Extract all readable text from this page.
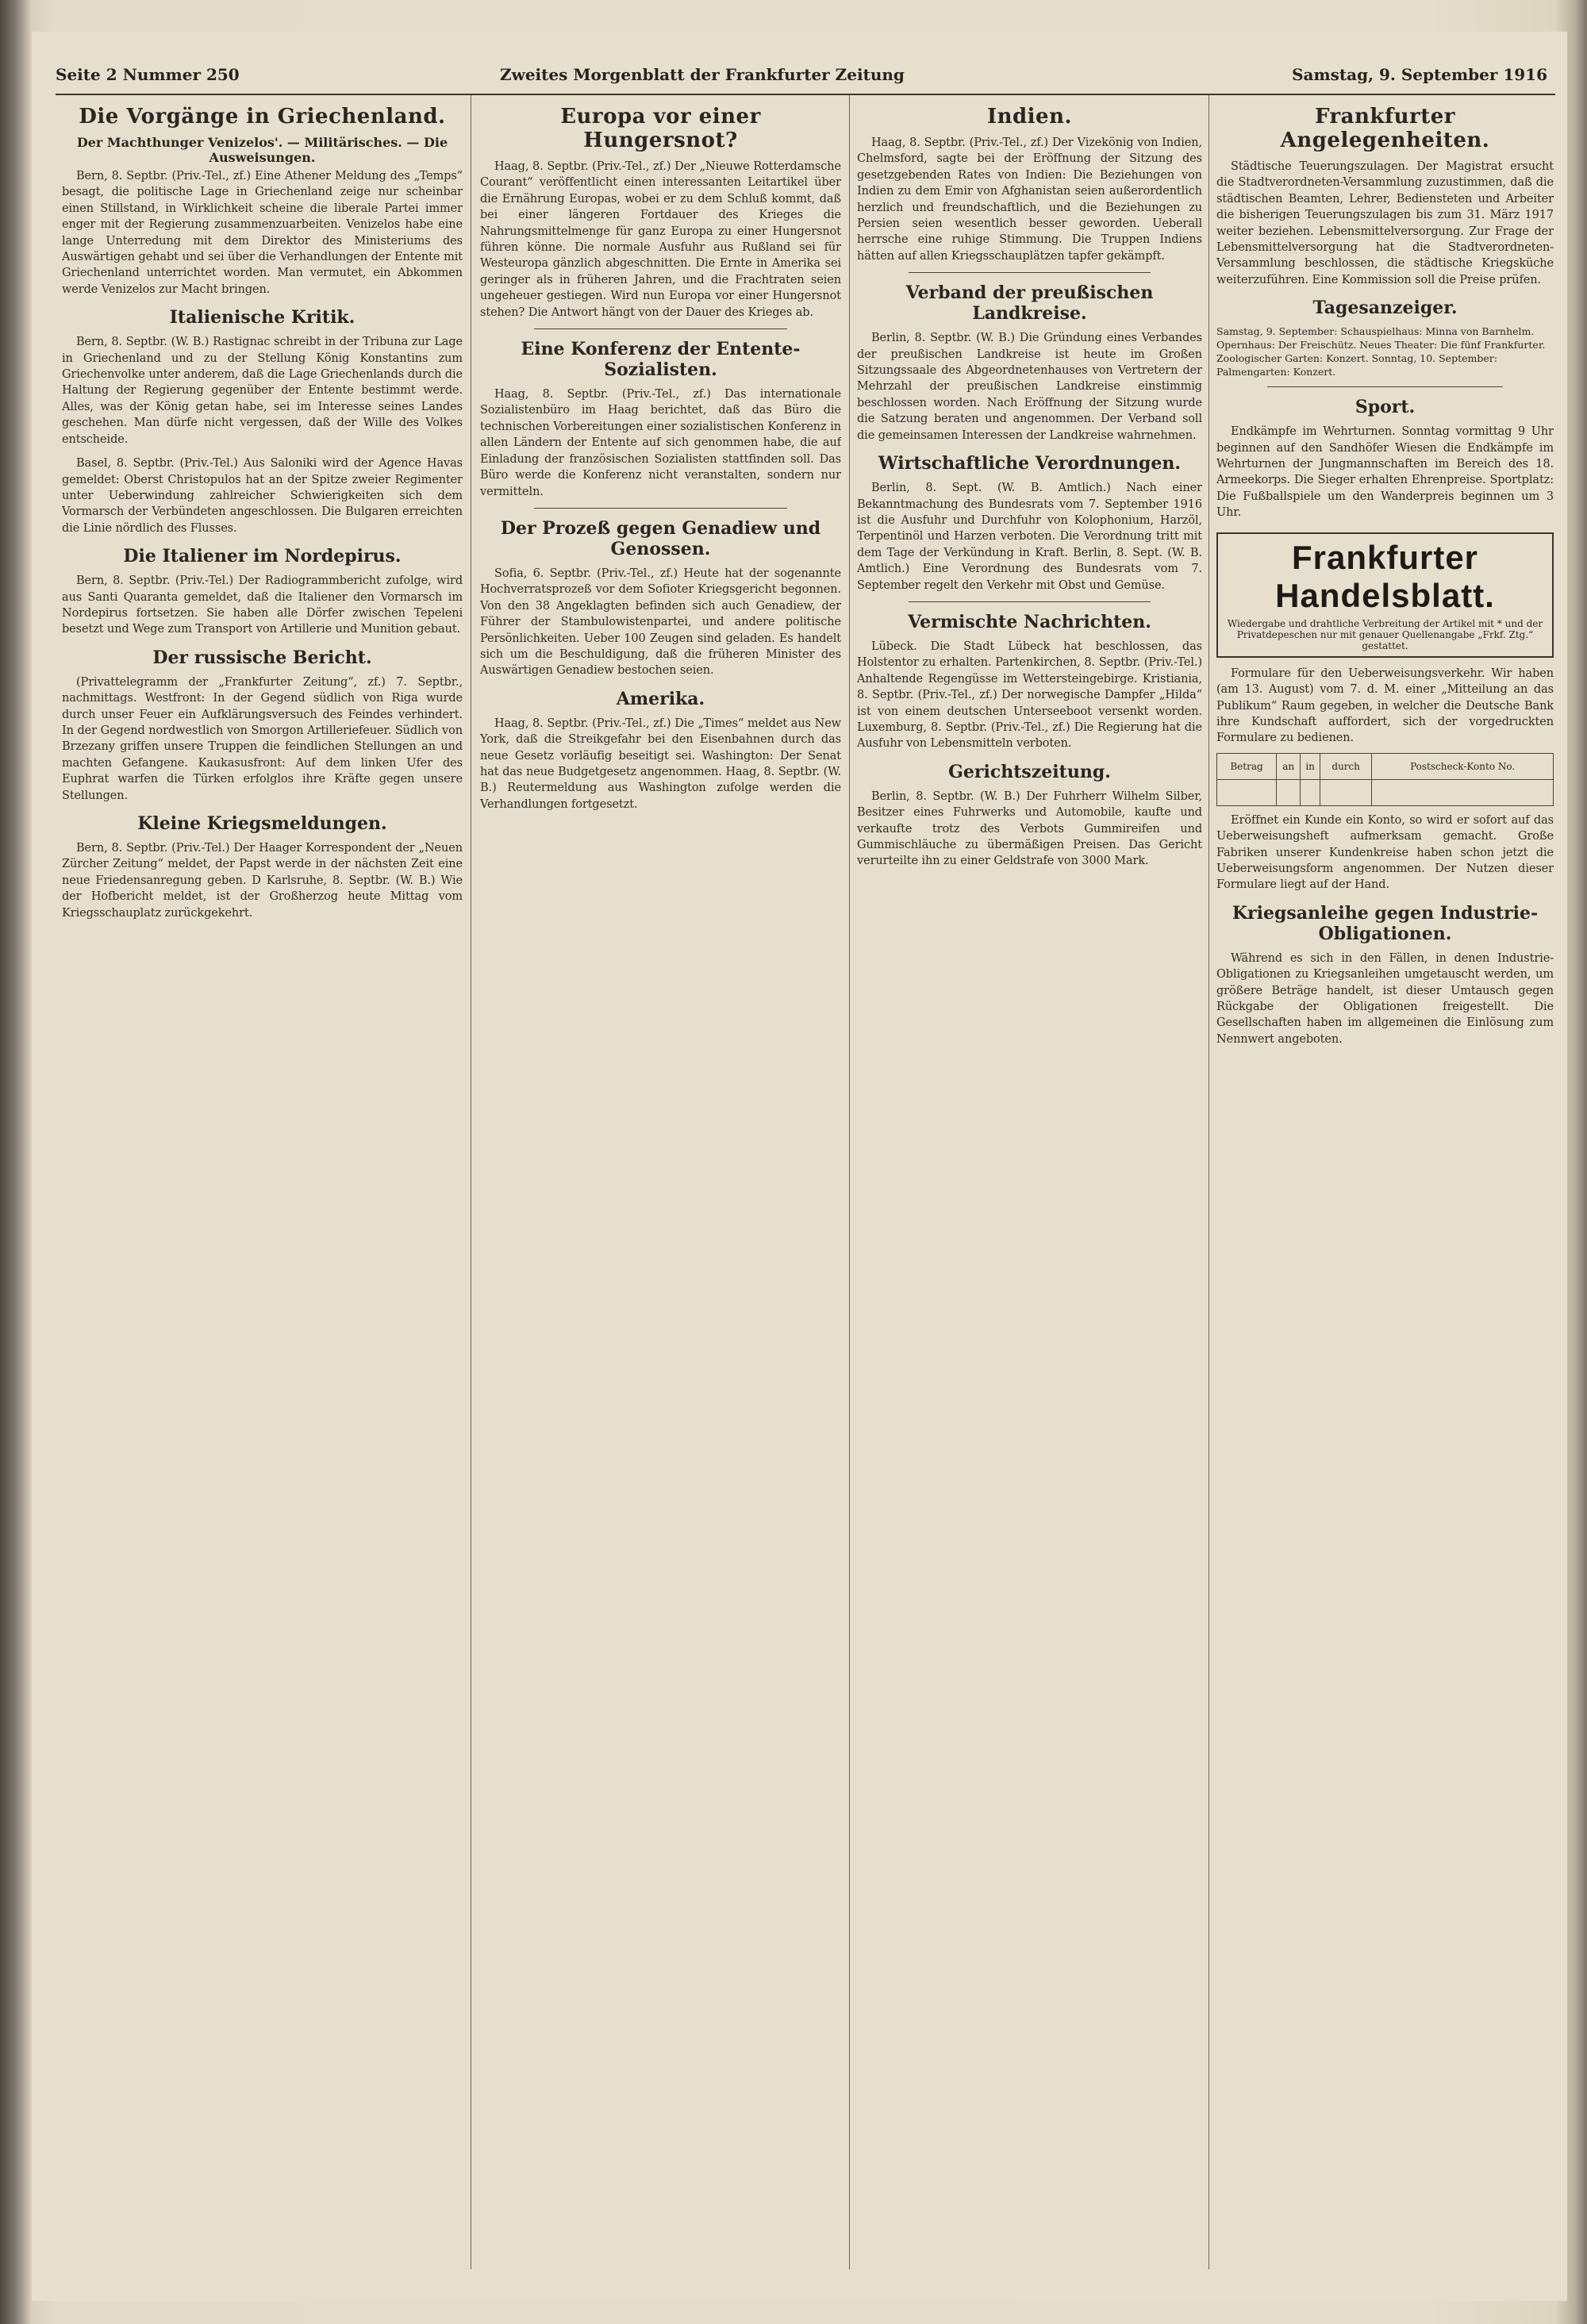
Seite 2 Nummer 250	Zweites Morgenblatt der Frankfurter Zeitung	Samstag, 9. September 1916
Die Vorgänge in Griechenland.
Der Machthunger Venizelos'. — Militärisches. — Die Ausweisungen.

Bern, 8. Septbr. (Priv.-Tel., zf.) Eine Athener Meldung des „Temps“ besagt, die politische Lage in Griechenland zeige nur scheinbar einen Stillstand, in Wirklichkeit scheine die liberale Partei immer enger mit der Regierung zusammenzuarbeiten. Venizelos habe eine lange Unterredung mit dem Direktor des Ministeriums des Auswärtigen gehabt und sei über die Verhandlungen der Entente mit Griechenland unterrichtet worden. Man vermutet, ein Abkommen werde Venizelos zur Macht bringen.

Italienische Kritik.

Bern, 8. Septbr. (W. B.) Rastignac schreibt in der Tribuna zur Lage in Griechenland und zu der Stellung König Konstantins zum Griechenvolke unter anderem, daß die Lage Griechenlands durch die Haltung der Regierung gegenüber der Entente bestimmt werde. Alles, was der König getan habe, sei im Interesse seines Landes geschehen. Man dürfe nicht vergessen, daß der Wille des Volkes entscheide.

Basel, 8. Septbr. (Priv.-Tel.) Aus Saloniki wird der Agence Havas gemeldet: Oberst Christopulos hat an der Spitze zweier Regimenter unter Ueberwindung zahlreicher Schwierigkeiten sich dem Vormarsch der Verbündeten angeschlossen. Die Bulgaren erreichten die Linie nördlich des Flusses.

Die Italiener im Nordepirus.

Bern, 8. Septbr. (Priv.-Tel.) Der Radiogrammbericht zufolge, wird aus Santi Quaranta gemeldet, daß die Italiener den Vormarsch im Nordepirus fortsetzen. Sie haben alle Dörfer zwischen Tepeleni besetzt und Wege zum Transport von Artillerie und Munition gebaut.

Der russische Bericht.

(Privattelegramm der „Frankfurter Zeitung“, zf.) 7. Septbr., nachmittags. Westfront: In der Gegend südlich von Riga wurde durch unser Feuer ein Aufklärungsversuch des Feindes verhindert. In der Gegend nordwestlich von Smorgon Artilleriefeuer. Südlich von Brzezany griffen unsere Truppen die feindlichen Stellungen an und machten Gefangene. Kaukasusfront: Auf dem linken Ufer des Euphrat warfen die Türken erfolglos ihre Kräfte gegen unsere Stellungen.

Kleine Kriegsmeldungen.

Bern, 8. Septbr. (Priv.-Tel.) Der Haager Korrespondent der „Neuen Zürcher Zeitung“ meldet, der Papst werde in der nächsten Zeit eine neue Friedensanregung geben. D Karlsruhe, 8. Septbr. (W. B.) Wie der Hofbericht meldet, ist der Großherzog heute Mittag vom Kriegsschauplatz zurückgekehrt.

Europa vor einer Hungersnot?

Haag, 8. Septbr. (Priv.-Tel., zf.) Der „Nieuwe Rotterdamsche Courant“ veröffentlicht einen interessanten Leitartikel über die Ernährung Europas, wobei er zu dem Schluß kommt, daß bei einer längeren Fortdauer des Krieges die Nahrungsmittelmenge für ganz Europa zu einer Hungersnot führen könne. Die normale Ausfuhr aus Rußland sei für Westeuropa gänzlich abgeschnitten. Die Ernte in Amerika sei geringer als in früheren Jahren, und die Frachtraten seien ungeheuer gestiegen. Wird nun Europa vor einer Hungersnot stehen? Die Antwort hängt von der Dauer des Krieges ab.

Eine Konferenz der Entente-Sozialisten.

Haag, 8. Septbr. (Priv.-Tel., zf.) Das internationale Sozialistenbüro im Haag berichtet, daß das Büro die technischen Vorbereitungen einer sozialistischen Konferenz in allen Ländern der Entente auf sich genommen habe, die auf Einladung der französischen Sozialisten stattfinden soll. Das Büro werde die Konferenz nicht veranstalten, sondern nur vermitteln.

Der Prozeß gegen Genadiew und Genossen.

Sofia, 6. Septbr. (Priv.-Tel., zf.) Heute hat der sogenannte Hochverratsprozeß vor dem Sofioter Kriegsgericht begonnen. Von den 38 Angeklagten befinden sich auch Genadiew, der Führer der Stambulowistenpartei, und andere politische Persönlichkeiten. Ueber 100 Zeugen sind geladen. Es handelt sich um die Beschuldigung, daß die früheren Minister des Auswärtigen Genadiew bestochen seien.

Amerika.

Haag, 8. Septbr. (Priv.-Tel., zf.) Die „Times“ meldet aus New York, daß die Streikgefahr bei den Eisenbahnen durch das neue Gesetz vorläufig beseitigt sei. Washington: Der Senat hat das neue Budgetgesetz angenommen. Haag, 8. Septbr. (W. B.) Reutermeldung aus Washington zufolge werden die Verhandlungen fortgesetzt.

Indien.

Haag, 8. Septbr. (Priv.-Tel., zf.) Der Vizekönig von Indien, Chelmsford, sagte bei der Eröffnung der Sitzung des gesetzgebenden Rates von Indien: Die Beziehungen von Indien zu dem Emir von Afghanistan seien außerordentlich herzlich und freundschaftlich, und die Beziehungen zu Persien seien wesentlich besser geworden. Ueberall herrsche eine ruhige Stimmung. Die Truppen Indiens hätten auf allen Kriegsschauplätzen tapfer gekämpft.

Verband der preußischen Landkreise.

Berlin, 8. Septbr. (W. B.) Die Gründung eines Verbandes der preußischen Landkreise ist heute im Großen Sitzungssaale des Abgeordnetenhauses von Vertretern der Mehrzahl der preußischen Landkreise einstimmig beschlossen worden. Nach Eröffnung der Sitzung wurde die Satzung beraten und angenommen. Der Verband soll die gemeinsamen Interessen der Landkreise wahrnehmen.

Wirtschaftliche Verordnungen.

Berlin, 8. Sept. (W. B. Amtlich.) Nach einer Bekanntmachung des Bundesrats vom 7. September 1916 ist die Ausfuhr und Durchfuhr von Kolophonium, Harzöl, Terpentinöl und Harzen verboten. Die Verordnung tritt mit dem Tage der Verkündung in Kraft. Berlin, 8. Sept. (W. B. Amtlich.) Eine Verordnung des Bundesrats vom 7. September regelt den Verkehr mit Obst und Gemüse.

Vermischte Nachrichten.

Lübeck. Die Stadt Lübeck hat beschlossen, das Holstentor zu erhalten. Partenkirchen, 8. Septbr. (Priv.-Tel.) Anhaltende Regengüsse im Wettersteingebirge. Kristiania, 8. Septbr. (Priv.-Tel., zf.) Der norwegische Dampfer „Hilda“ ist von einem deutschen Unterseeboot versenkt worden. Luxemburg, 8. Septbr. (Priv.-Tel., zf.) Die Regierung hat die Ausfuhr von Lebensmitteln verboten.

Gerichtszeitung.

Berlin, 8. Septbr. (W. B.) Der Fuhrherr Wilhelm Silber, Besitzer eines Fuhrwerks und Automobile, kaufte und verkaufte trotz des Verbots Gummireifen und Gummischläuche zu übermäßigen Preisen. Das Gericht verurteilte ihn zu einer Geldstrafe von 3000 Mark.

Frankfurter Angelegenheiten.

Städtische Teuerungszulagen. Der Magistrat ersucht die Stadtverordneten-Versammlung zuzustimmen, daß die städtischen Beamten, Lehrer, Bediensteten und Arbeiter die bisherigen Teuerungszulagen bis zum 31. März 1917 weiter beziehen. Lebensmittelversorgung. Zur Frage der Lebensmittelversorgung hat die Stadtverordneten-Versammlung beschlossen, die städtische Kriegsküche weiterzuführen. Eine Kommission soll die Preise prüfen.

Tagesanzeiger.
Samstag, 9. September: Schauspielhaus: Minna von Barnhelm. Opernhaus: Der Freischütz. Neues Theater: Die fünf Frankfurter. Zoologischer Garten: Konzert. Sonntag, 10. September: Palmengarten: Konzert.
Sport.

Endkämpfe im Wehrturnen. Sonntag vormittag 9 Uhr beginnen auf den Sandhöfer Wiesen die Endkämpfe im Wehrturnen der Jungmannschaften im Bereich des 18. Armeekorps. Die Sieger erhalten Ehrenpreise. Sportplatz: Die Fußballspiele um den Wanderpreis beginnen um 3 Uhr.

Frankfurter Handelsblatt.
Wiedergabe und drahtliche Verbreitung der Artikel mit * und der Privatdepeschen nur mit genauer Quellenangabe „Frkf. Ztg.“ gestattet.

Formulare für den Ueberweisungsverkehr. Wir haben (am 13. August) vom 7. d. M. einer „Mitteilung an das Publikum“ Raum gegeben, in welcher die Deutsche Bank ihre Kundschaft auffordert, sich der vorgedruckten Formulare zu bedienen.

Betrag	an	in	durch	Postscheck-Konto No.

Eröffnet ein Kunde ein Konto, so wird er sofort auf das Ueberweisungsheft aufmerksam gemacht. Große Fabriken unserer Kundenkreise haben schon jetzt die Ueberweisungsform angenommen. Der Nutzen dieser Formulare liegt auf der Hand.

Kriegsanleihe gegen Industrie-Obligationen.

Während es sich in den Fällen, in denen Industrie-Obligationen zu Kriegsanleihen umgetauscht werden, um größere Beträge handelt, ist dieser Umtausch gegen Rückgabe der Obligationen freigestellt. Die Gesellschaften haben im allgemeinen die Einlösung zum Nennwert angeboten.
